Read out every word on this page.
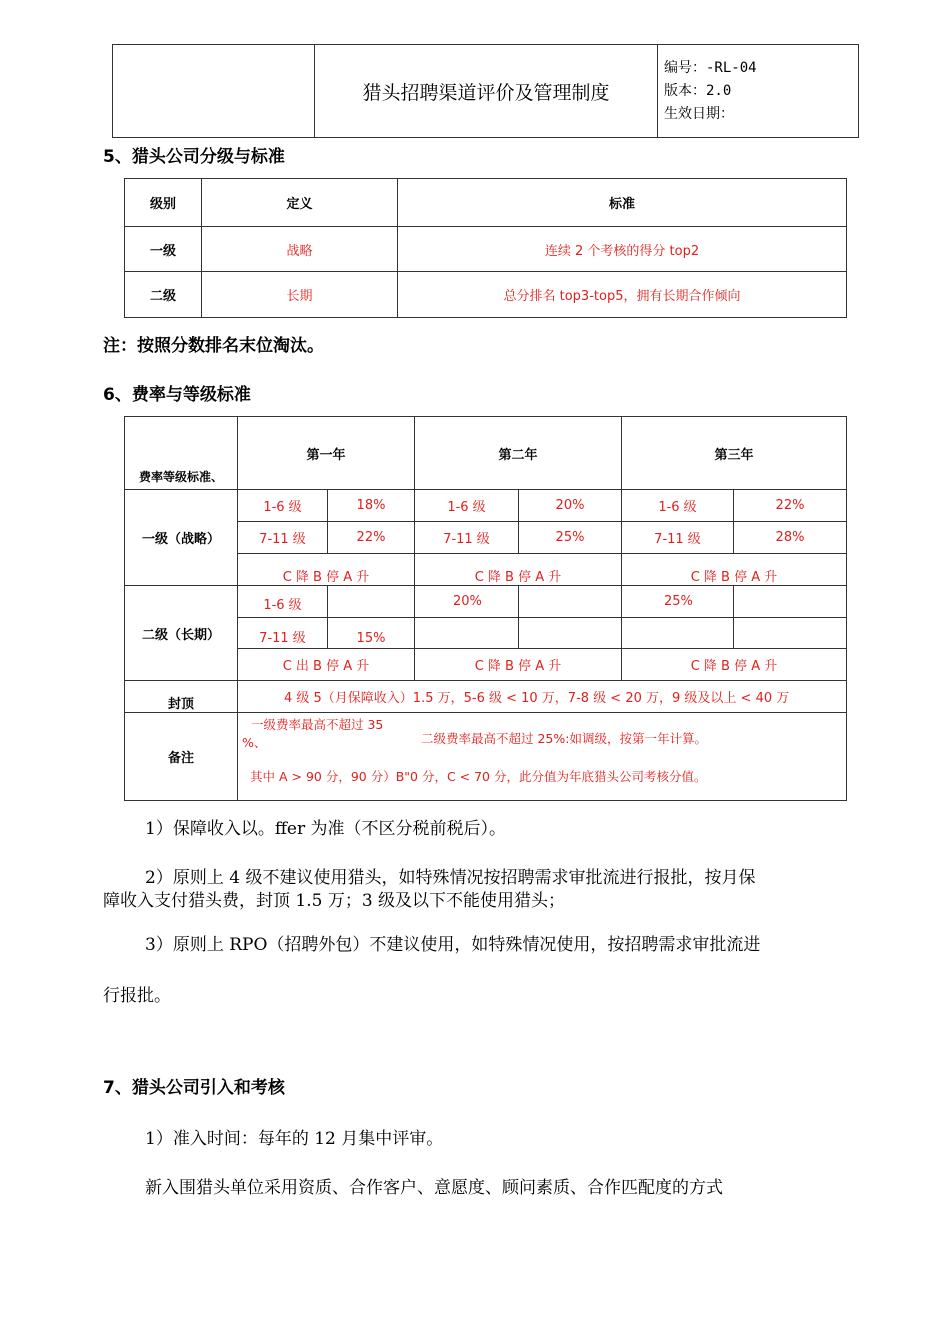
	猎头招聘渠道评价及管理制度	
编号：-RL-04
版本：2.0
生效日期：
5、猎头公司分级与标准
级别	定义	标准
一级	战略	连续 2 个考核的得分 top2
二级	长期	总分排名 top3-top5，拥有长期合作倾向
注：按照分数排名末位淘汰。
6、费率与等级标准
费率等级标准、	第一年		第二年		第三年	
一级（战略）	1-6 级	18%	1-6 级	20%	1-6 级	22%
	7-11 级	22%	7-11 级	25%	7-11 级	28%
	C 降 B 停 A 升		C 降 B 停 A 升		C 降 B 停 A 升	
二级（长期）	1-6 级		20%		25%	
	7-11 级	15%				
	C 出 B 停 A 升		C 降 B 停 A 升		C 降 B 停 A 升	
封顶	4 级 5（月保障收入）1.5 万，5-6 级 < 10 万，7-8 级 < 20 万，9 级及以上 < 40 万					
备注	一级费率最高不超过 35
%、 二级费率最高不超过 25%:如调级，按第一年计算。
其中 A > 90 分，90 分）B"0 分，C < 70 分，此分值为年底猎头公司考核分值。					
1）保障收入以。ffer 为准（不区分税前税后）。
2）原则上 4 级不建议使用猎头，如特殊情况按招聘需求审批流进行报批，按月保
障收入支付猎头费，封顶 1.5 万；3 级及以下不能使用猎头；
3）原则上 RPO（招聘外包）不建议使用，如特殊情况使用，按招聘需求审批流进
行报批。
7、猎头公司引入和考核
1）准入时间：每年的 12 月集中评审。
新入围猎头单位采用资质、合作客户、意愿度、顾问素质、合作匹配度的方式
